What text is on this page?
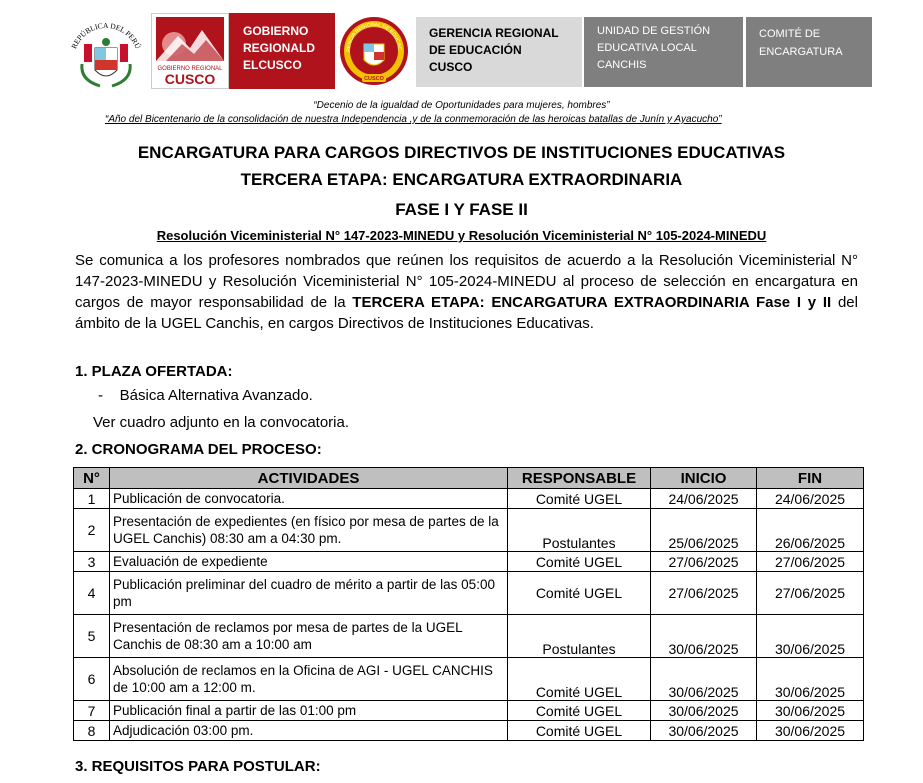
REPÚBLICA DEL PERÚ
GOBIERNO REGIONAL
CUSCO
GOBIERNO
REGIONALD
ELCUSCO
RENCIA REGIONAL DE EDUCAC
CUSCO
GERENCIA REGIONAL
DE EDUCACIÓN
CUSCO
UNIDAD DE GESTIÓN
EDUCATIVA LOCAL
CANCHIS
COMITÉ DE
ENCARGATURA
“Decenio de la igualdad de Oportunidades para mujeres, hombres”
“Año del Bicentenario de la consolidación de nuestra Independencia ,y de la conmemoración de las heroicas batallas de Junín y Ayacucho”
ENCARGATURA PARA CARGOS DIRECTIVOS DE INSTITUCIONES EDUCATIVAS
TERCERA ETAPA: ENCARGATURA EXTRAORDINARIA
FASE I Y FASE II
Resolución Viceministerial N° 147-2023-MINEDU y Resolución Viceministerial N° 105-2024-MINEDU
Se comunica a los profesores nombrados que reúnen los requisitos de acuerdo a la Resolución Viceministerial N° 147-2023-MINEDU y Resolución Viceministerial N° 105-2024-MINEDU al proceso de selección en encargatura en cargos de mayor responsabilidad de la TERCERA ETAPA: ENCARGATURA EXTRAORDINARIA Fase I y II del ámbito de la UGEL Canchis, en cargos Directivos de Instituciones Educativas.
1. PLAZA OFERTADA:
-    Básica Alternativa Avanzado.
Ver cuadro adjunto en la convocatoria.
2. CRONOGRAMA DEL PROCESO:
N°	ACTIVIDADES	RESPONSABLE	INICIO	FIN
1	Publicación de convocatoria.	Comité UGEL	24/06/2025	24/06/2025
2	Presentación de expedientes (en físico por mesa de partes de la UGEL Canchis) 08:30 am a 04:30 pm.	Postulantes	25/06/2025	26/06/2025
3	Evaluación de expediente	Comité UGEL	27/06/2025	27/06/2025
4	Publicación preliminar del cuadro de mérito a partir de las 05:00 pm	Comité UGEL	27/06/2025	27/06/2025
5	Presentación de reclamos por mesa de partes de la UGEL Canchis de 08:30 am a 10:00 am	Postulantes	30/06/2025	30/06/2025
6	Absolución de reclamos en la Oficina de AGI - UGEL CANCHIS de 10:00 am a 12:00 m.	Comité UGEL	30/06/2025	30/06/2025
7	Publicación final a partir de las 01:00 pm	Comité UGEL	30/06/2025	30/06/2025
8	Adjudicación 03:00 pm.	Comité UGEL	30/06/2025	30/06/2025
3. REQUISITOS PARA POSTULAR:
